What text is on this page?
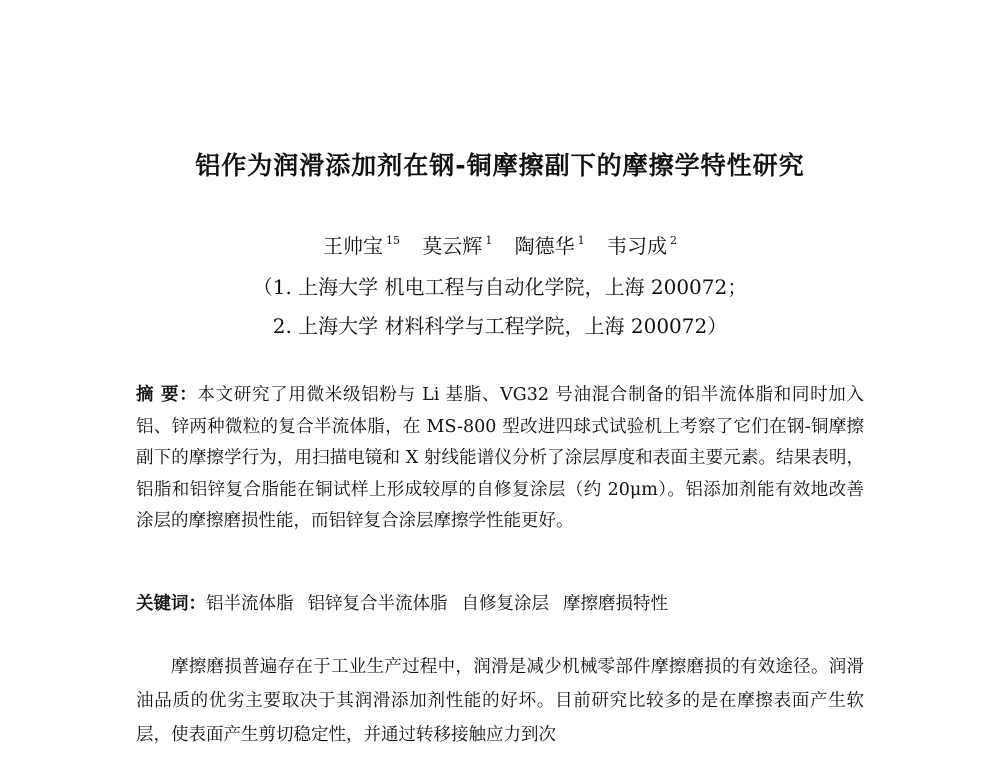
铝作为润滑添加剂在钢-铜摩擦副下的摩擦学特性研究
王帅宝 $^{15}$ 莫云辉 $^1$ 陶德华 $^1$ 韦习成 $^2$
（1. 上海大学 机电工程与自动化学院，上海 200072；
2. 上海大学 材料科学与工程学院，上海 200072）
摘 要：本文研究了用微米级铝粉与 Li 基脂、VG32 号油混合制备的铝半流体脂和同时加入铝、锌两种微粒的复合半流体脂，在 MS-800 型改进四球式试验机上考察了它们在钢-铜摩擦副下的摩擦学行为，用扫描电镜和 X 射线能谱仪分析了涂层厚度和表面主要元素。结果表明，铝脂和铝锌复合脂能在铜试样上形成较厚的自修复涂层（约 20μm）。铝添加剂能有效地改善涂层的摩擦磨损性能，而铝锌复合涂层摩擦学性能更好。
关键词：铝半流体脂 铝锌复合半流体脂 自修复涂层 摩擦磨损特性
摩擦磨损普遍存在于工业生产过程中，润滑是减少机械零部件摩擦磨损的有效途径。润滑油品质的优劣主要取决于其润滑添加剂性能的好坏。目前研究比较多的是在摩擦表面产生软层，使表面产生剪切稳定性，并通过转移接触应力到次
